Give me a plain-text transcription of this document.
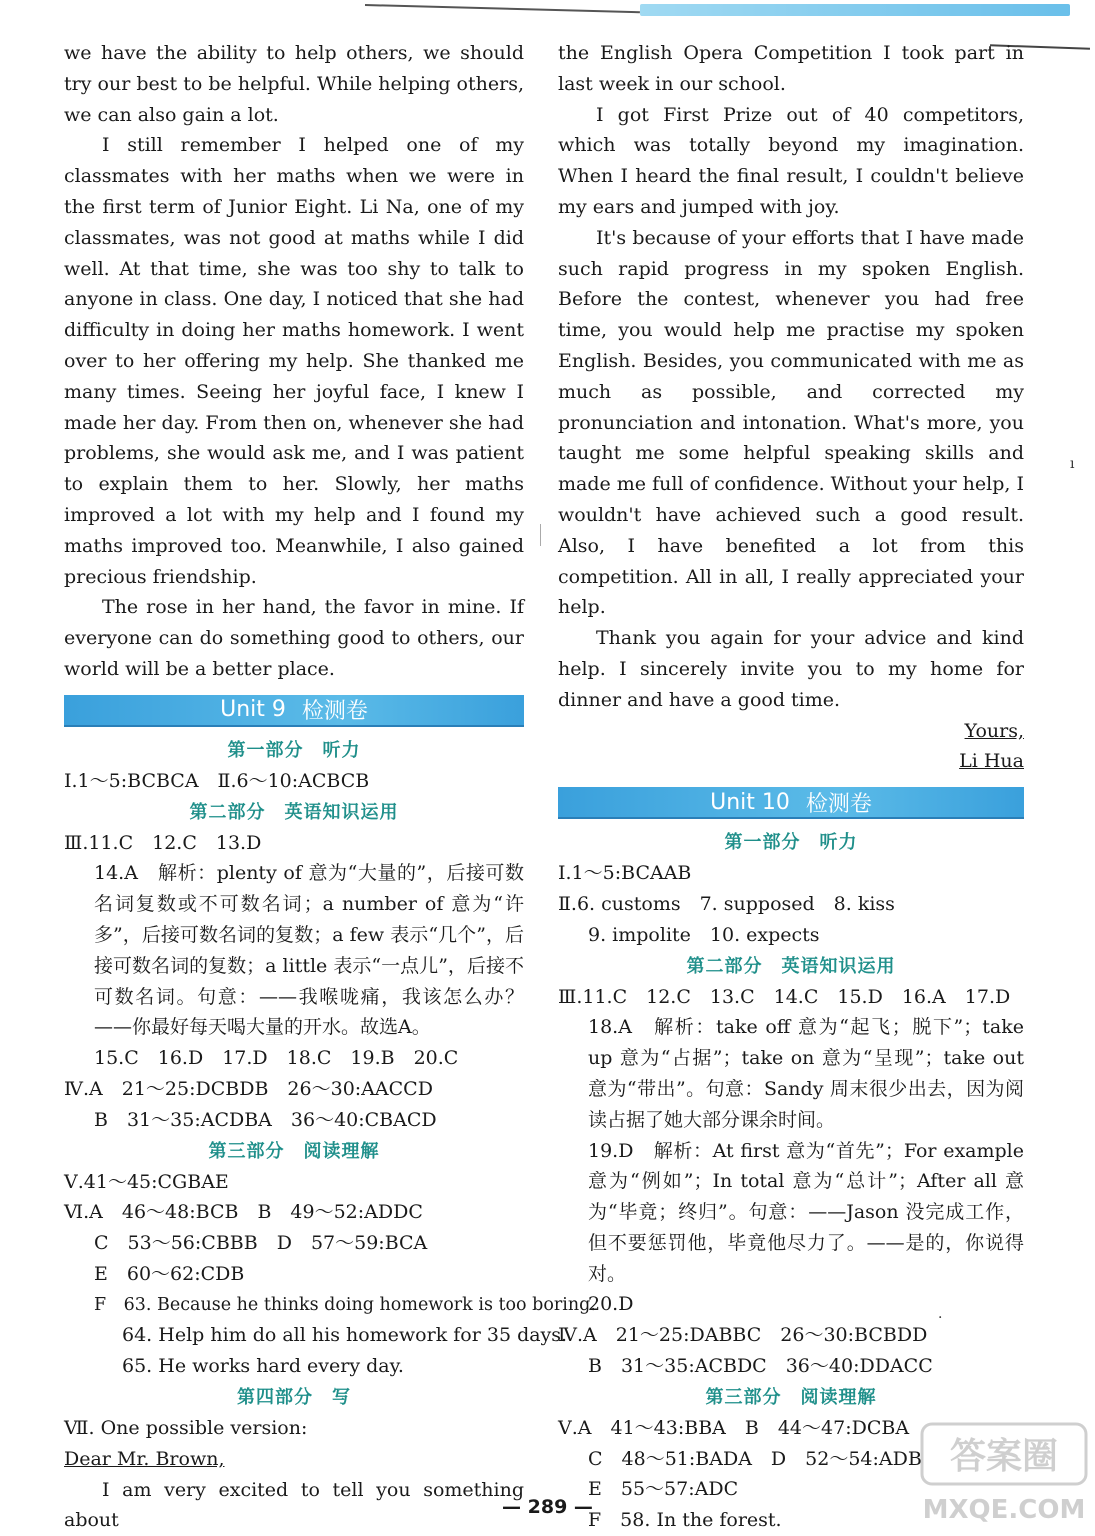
we have the ability to help others, we should try our best to be helpful. While helping others, we can also gain a lot.

I still remember I helped one of my classmates with her maths when we were in the first term of Junior Eight. Li Na, one of my classmates, was not good at maths while I did well. At that time, she was too shy to talk to anyone in class. One day, I noticed that she had difficulty in doing her maths homework. I went over to her offering my help. She thanked me many times. Seeing her joyful face, I knew I made her day. From then on, whenever she had problems, she would ask me, and I was patient to explain them to her. Slowly, her maths improved a lot with my help and I found my maths improved too. Meanwhile, I also gained precious friendship.

The rose in her hand, the favor in mine. If everyone can do something good to others, our world will be a better place.

Unit 9 检测卷

第一部分　听力

Ⅰ.1～5:BCBCA　Ⅱ.6～10:ACBCB

第二部分　英语知识运用

Ⅲ.11.C　12.C　13.D

14.A　解析：plenty of 意为“大量的”，后接可数名词复数或不可数名词；a number of 意为“许多”，后接可数名词的复数；a few 表示“几个”，后接可数名词的复数；a little 表示“一点儿”，后接不可数名词。句意：——我喉咙痛，我该怎么办？——你最好每天喝大量的开水。故选A。

15.C　16.D　17.D　18.C　19.B　20.C

Ⅳ.A　21～25:DCBDB　26～30:AACCD

B　31～35:ACDBA　36～40:CBACD

第三部分　阅读理解

Ⅴ.41～45:CGBAE

Ⅵ.A　46～48:BCB　B　49～52:ADDC

C　53～56:CBBB　D　57～59:BCA

E　60～62:CDB

F　63. Because he thinks doing homework is too boring.

64. Help him do all his homework for 35 days.

65. He works hard every day.

第四部分　写

Ⅶ. One possible version:

Dear Mr. Brown,

I am very excited to tell you something about

the English Opera Competition I took part in last week in our school.

I got First Prize out of 40 competitors, which was totally beyond my imagination. When I heard the final result, I couldn't believe my ears and jumped with joy.

It's because of your efforts that I have made such rapid progress in my spoken English. Before the contest, whenever you had free time, you would help me practise my spoken English. Besides, you communicated with me as much as possible, and corrected my pronunciation and intonation. What's more, you taught me some helpful speaking skills and made me full of confidence. Without your help, I wouldn't have achieved such a good result. Also, I have benefited a lot from this competition. All in all, I really appreciated your help.

Thank you again for your advice and kind help. I sincerely invite you to my home for dinner and have a good time.

Yours,

Li Hua

Unit 10 检测卷

第一部分　听力

Ⅰ.1～5:BCAAB

Ⅱ.6. customs　7. supposed　8. kiss

9. impolite　10. expects

第二部分　英语知识运用

Ⅲ.11.C　12.C　13.C　14.C　15.D　16.A　17.D

18.A　解析：take off 意为“起飞；脱下”；take up 意为“占据”；take on 意为“呈现”；take out 意为“带出”。句意：Sandy 周末很少出去，因为阅读占据了她大部分课余时间。

19.D　解析：At first 意为“首先”；For example 意为“例如”；In total 意为“总计”；After all 意为“毕竟；终归”。句意：——Jason 没完成工作，但不要惩罚他，毕竟他尽力了。——是的，你说得对。

20.D

Ⅳ.A　21～25:DABBC　26～30:BCBDD

B　31～35:ACBDC　36～40:DDACC

第三部分　阅读理解

Ⅴ.A　41～43:BBA　B　44～47:DCBA

C　48～51:BADA　D　52～54:ADB

E　55～57:ADC

F　58. In the forest.

ı
·
— 289 —
答案圈
MXQE.COM
